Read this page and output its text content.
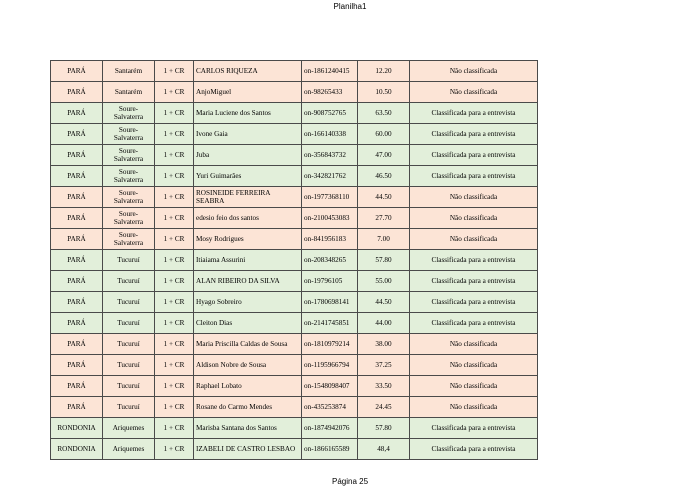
Planilha1
PARÁ	Santarém	1 + CR	CARLOS RIQUEZA	on-1861240415	12.20	Não classificada
PARÁ	Santarém	1 + CR	AnjoMiguel	on-98265433	10.50	Não classificada
PARÁ	Soure-Salvaterra	1 + CR	Maria Luciene dos Santos	on-908752765	63.50	Classificada para a entrevista
PARÁ	Soure-Salvaterra	1 + CR	Ivone Gaia	on-166140338	60.00	Classificada para a entrevista
PARÁ	Soure-Salvaterra	1 + CR	Juba	on-356843732	47.00	Classificada para a entrevista
PARÁ	Soure-Salvaterra	1 + CR	Yuri Guimarães	on-342821762	46.50	Classificada para a entrevista
PARÁ	Soure-Salvaterra	1 + CR	ROSINEIDE FERREIRA SEABRA	on-1977368110	44.50	Não classificada
PARÁ	Soure-Salvaterra	1 + CR	edesio feio dos santos	on-2100453083	27.70	Não classificada
PARÁ	Soure-Salvaterra	1 + CR	Mosy Rodrigues	on-841956183	7.00	Não classificada
PARÁ	Tucuruí	1 + CR	Itiaiama Assurini	on-208348265	57.80	Classificada para a entrevista
PARÁ	Tucuruí	1 + CR	ALAN RIBEIRO DA SILVA	on-19796105	55.00	Classificada para a entrevista
PARÁ	Tucuruí	1 + CR	Hyago Sobreiro	on-1780698141	44.50	Classificada para a entrevista
PARÁ	Tucuruí	1 + CR	Cleiton Dias	on-2141745851	44.00	Classificada para a entrevista
PARÁ	Tucuruí	1 + CR	Maria Priscilla Caldas de Sousa	on-1810979214	38.00	Não classificada
PARÁ	Tucuruí	1 + CR	Aldison Nobre de Sousa	on-1195966794	37.25	Não classificada
PARÁ	Tucuruí	1 + CR	Raphael Lobato	on-1548098407	33.50	Não classificada
PARÁ	Tucuruí	1 + CR	Rosane do Carmo Mendes	on-435253874	24.45	Não classificada
RONDONIA	Ariquemes	1 + CR	Marisba Santana dos Santos	on-1874942076	57.80	Classificada para a entrevista
RONDONIA	Ariquemes	1 + CR	IZABELI DE CASTRO LESBAO	on-1866165589	48,4	Classificada para a entrevista
Página 25
